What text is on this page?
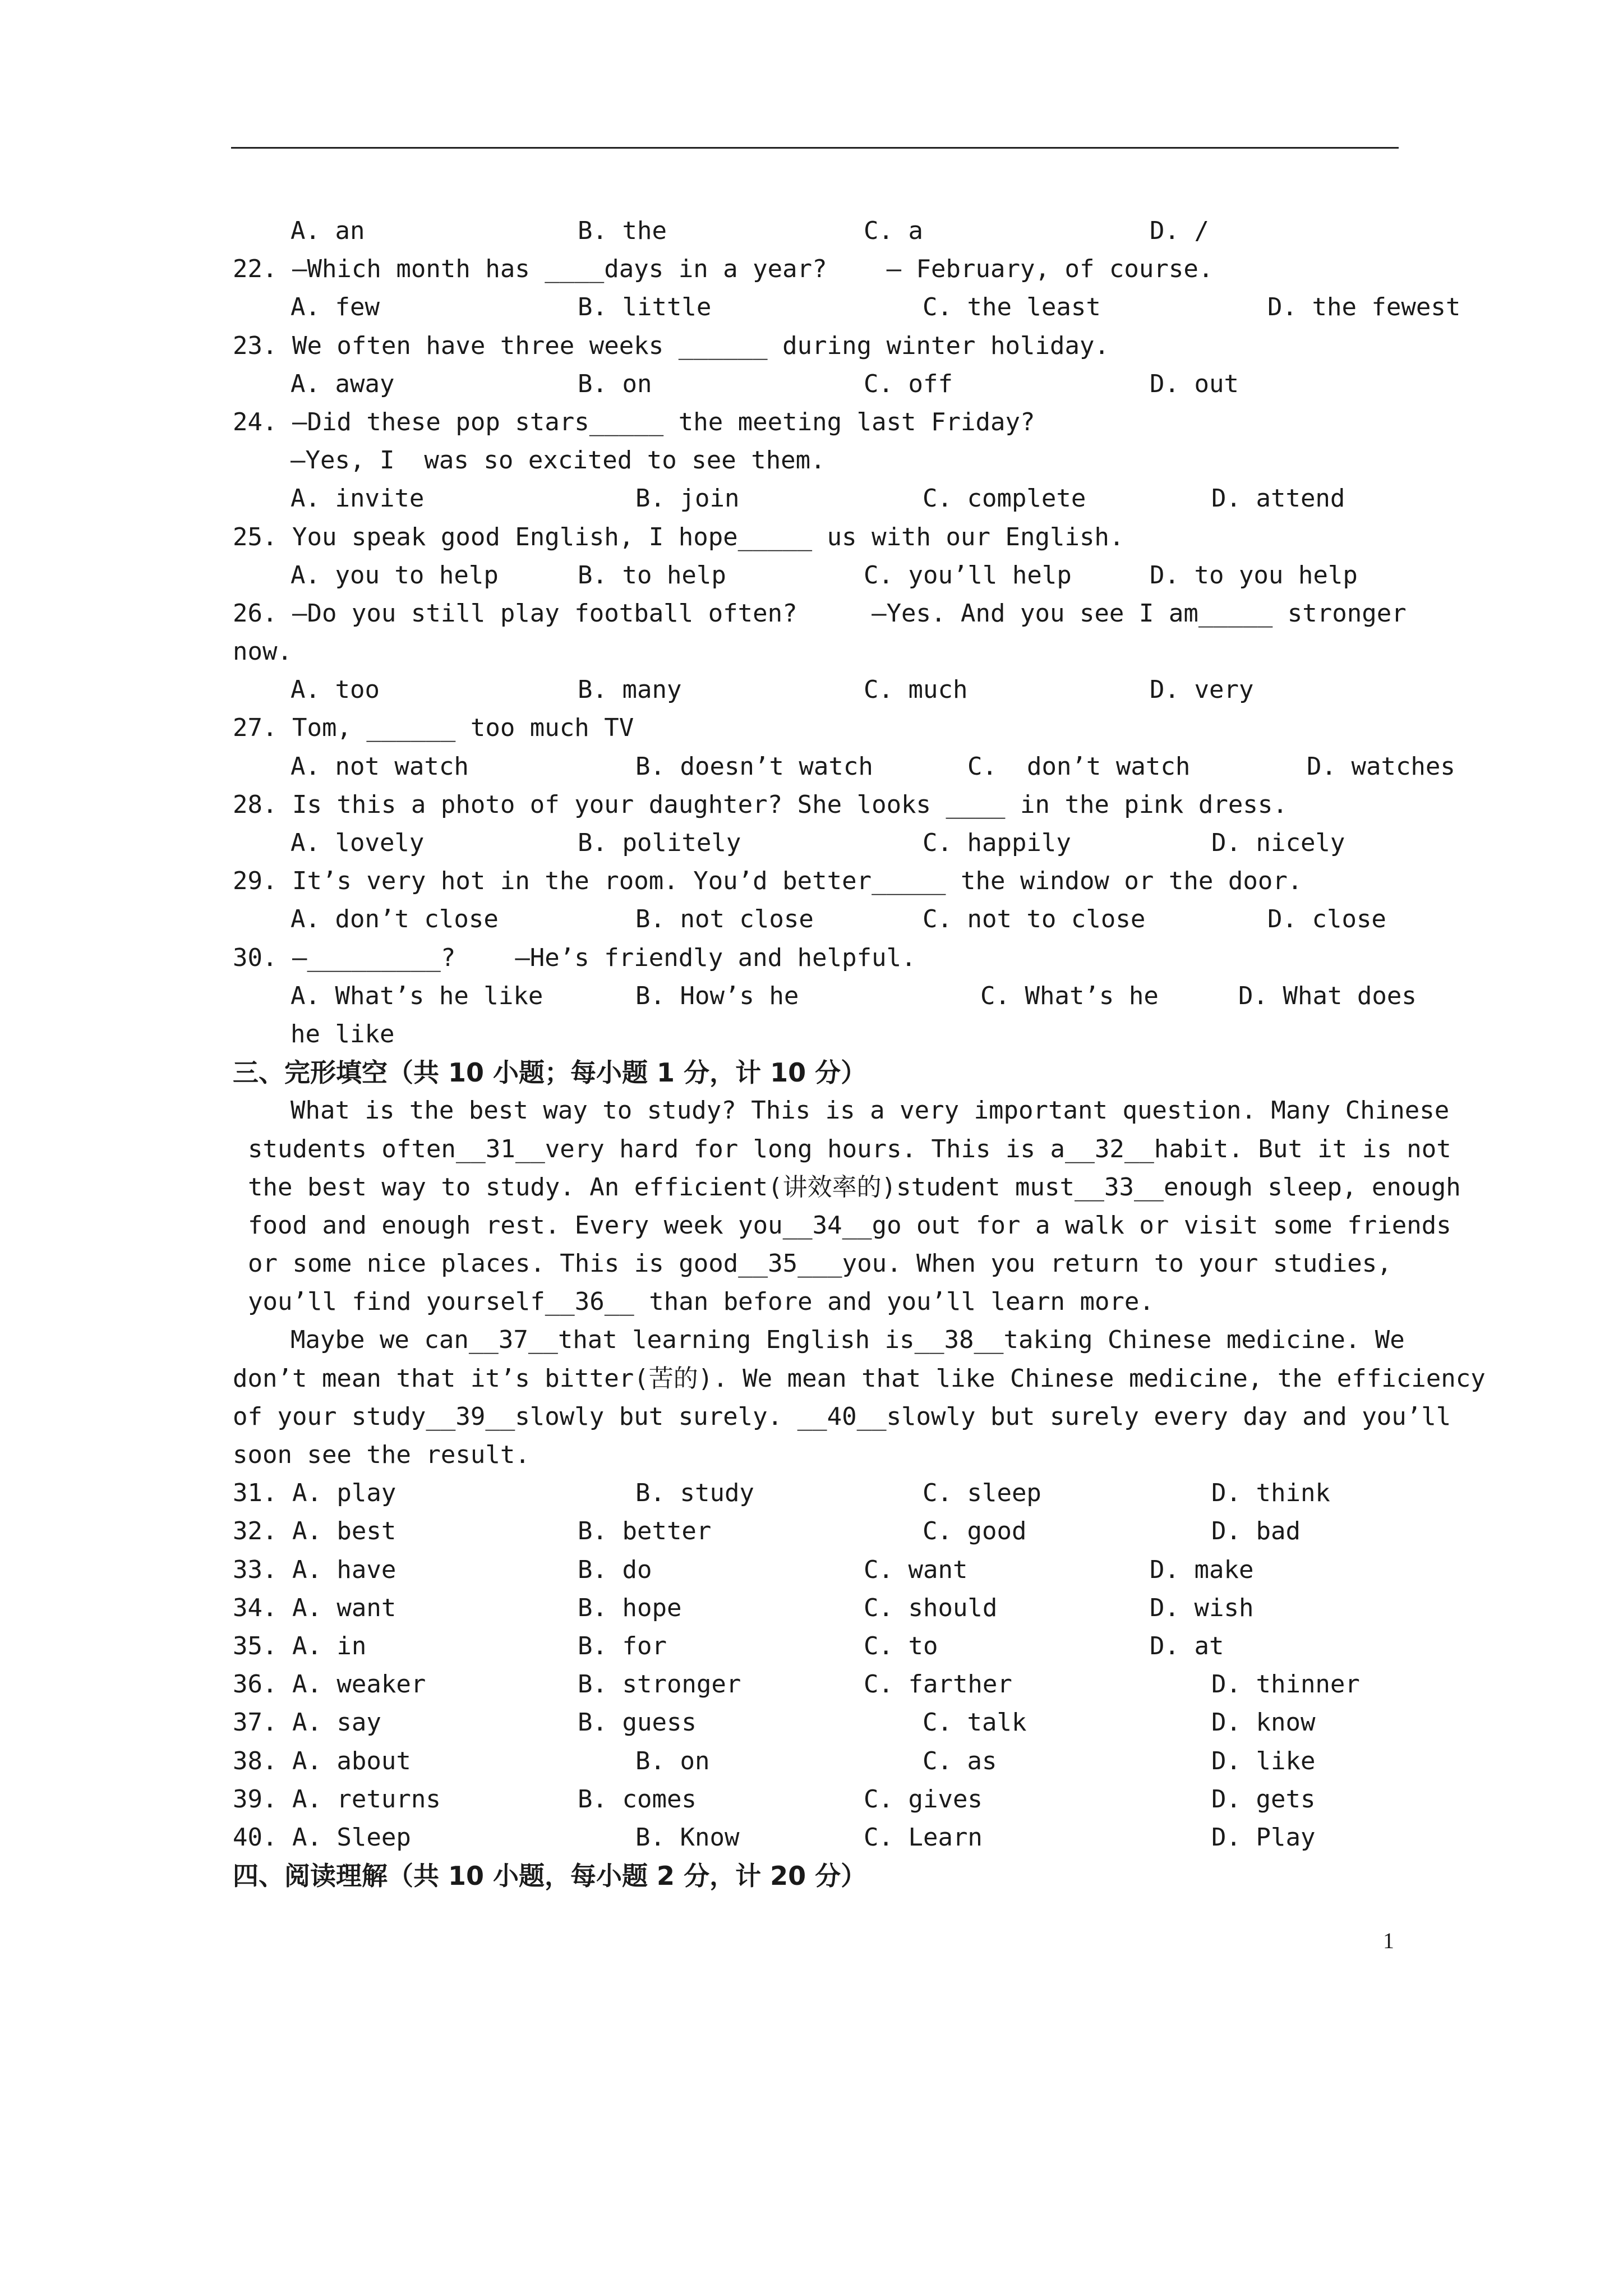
A. an	B. the	C. a	D. /
22. —Which month has ____days in a year?    — February, of course.
A. few	B. little	C. the least	D. the fewest
23. We often have three weeks ______ during winter holiday.
A. away	B. on	C. off	D. out
24. —Did these pop stars_____ the meeting last Friday?
—Yes, I  was so excited to see them.
A. invite	B. join	C. complete	D. attend
25. You speak good English, I hope_____ us with our English.
A. you to help	B. to help	C. you’ll help	D. to you help
26. —Do you still play football often?     —Yes. And you see I am_____ stronger
now.
A. too	B. many	C. much	D. very
27. Tom, ______ too much TV
A. not watch	B. doesn’t watch	C.  don’t watch	D. watches
28. Is this a photo of your daughter? She looks ____ in the pink dress.
A. lovely	B. politely	C. happily	D. nicely
29. It’s very hot in the room. You’d better_____ the window or the door.
A. don’t close	B. not close	C. not to close	D. close
30. —_________?    —He’s friendly and helpful.
A. What’s he like	B. How’s he	C. What’s he	D. What does
he like
三、完形填空（共 10 小题；每小题 1 分，计 10 分）
What is the best way to study? This is a very important question. Many Chinese
students often__31__very hard for long hours. This is a__32__habit. But it is not
the best way to study. An efficient(讲效率的)student must__33__enough sleep, enough
food and enough rest. Every week you__34__go out for a walk or visit some friends
or some nice places. This is good__35___you. When you return to your studies,
you’ll find yourself__36__ than before and you’ll learn more.
Maybe we can__37__that learning English is__38__taking Chinese medicine. We
don’t mean that it’s bitter(苦的). We mean that like Chinese medicine, the efficiency
of your study__39__slowly but surely. __40__slowly but surely every day and you’ll
soon see the result.
31. A. play	B. study	C. sleep	D. think
32. A. best	B. better	C. good	D. bad
33. A. have	B. do	C. want	D. make
34. A. want	B. hope	C. should	D. wish
35. A. in	B. for	C. to	D. at
36. A. weaker	B. stronger	C. farther	D. thinner
37. A. say	B. guess	C. talk	D. know
38. A. about	B. on	C. as	D. like
39. A. returns	B. comes	C. gives	D. gets
40. A. Sleep	B. Know	C. Learn	D. Play
四、阅读理解（共 10 小题，每小题 2 分，计 20 分）
1
